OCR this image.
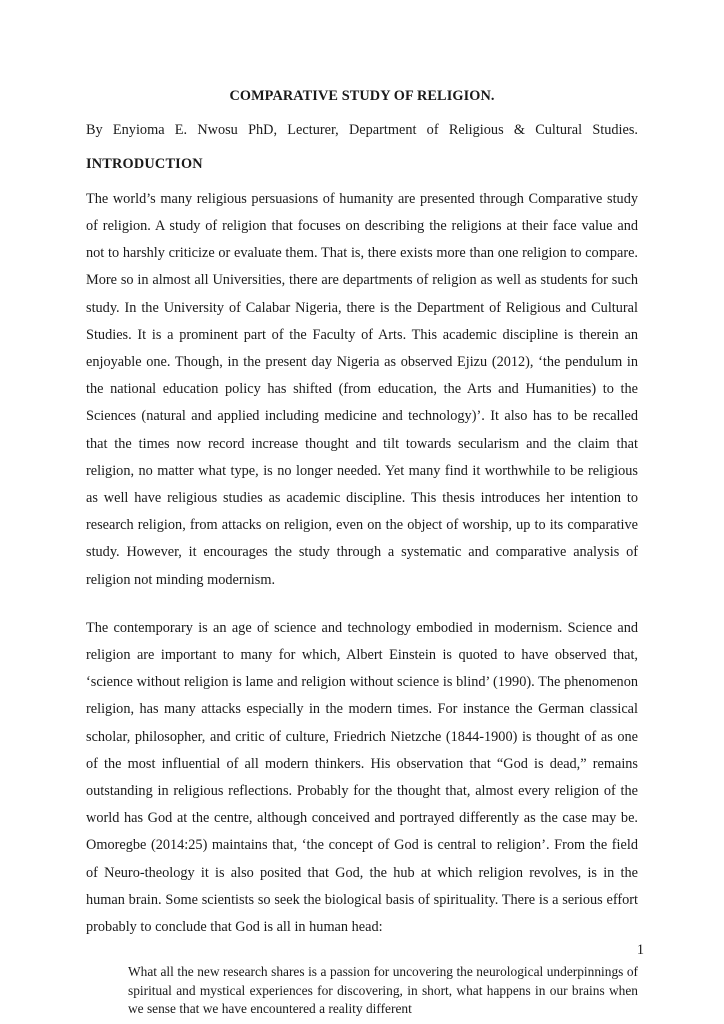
COMPARATIVE STUDY OF RELIGION.

By Enyioma E. Nwosu PhD, Lecturer, Department of Religious & Cultural Studies.

INTRODUCTION

The world’s many religious persuasions of humanity are presented through Comparative study of religion. A study of religion that focuses on describing the religions at their face value and not to harshly criticize or evaluate them. That is, there exists more than one religion to compare. More so in almost all Universities, there are departments of religion as well as students for such study. In the University of Calabar Nigeria, there is the Department of Religious and Cultural Studies. It is a prominent part of the Faculty of Arts. This academic discipline is therein an enjoyable one. Though, in the present day Nigeria as observed Ejizu (2012), ‘the pendulum in the national education policy has shifted (from education, the Arts and Humanities) to the Sciences (natural and applied including medicine and technology)’. It also has to be recalled that the times now record increase thought and tilt towards secularism and the claim that religion, no matter what type, is no longer needed. Yet many find it worthwhile to be religious as well have religious studies as academic discipline. This thesis introduces her intention to research religion, from attacks on religion, even on the object of worship, up to its comparative study. However, it encourages the study through a systematic and comparative analysis of religion not minding modernism.

The contemporary is an age of science and technology embodied in modernism. Science and religion are important to many for which, Albert Einstein is quoted to have observed that, ‘science without religion is lame and religion without science is blind’ (1990). The phenomenon religion, has many attacks especially in the modern times. For instance the German classical scholar, philosopher, and critic of culture, Friedrich Nietzche (1844-1900) is thought of as one of the most influential of all modern thinkers. His observation that “God is dead,” remains outstanding in religious reflections. Probably for the thought that, almost every religion of the world has God at the centre, although conceived and portrayed differently as the case may be. Omoregbe (2014:25) maintains that, ‘the concept of God is central to religion’. From the field of Neuro-theology it is also posited that God, the hub at which religion revolves, is in the human brain. Some scientists so seek the biological basis of spirituality. There is a serious effort probably to conclude that God is all in human head:

What all the new research shares is a passion for uncovering the neurological underpinnings of spiritual and mystical experiences for discovering, in short, what happens in our brains when we sense that we have encountered a reality different
1
